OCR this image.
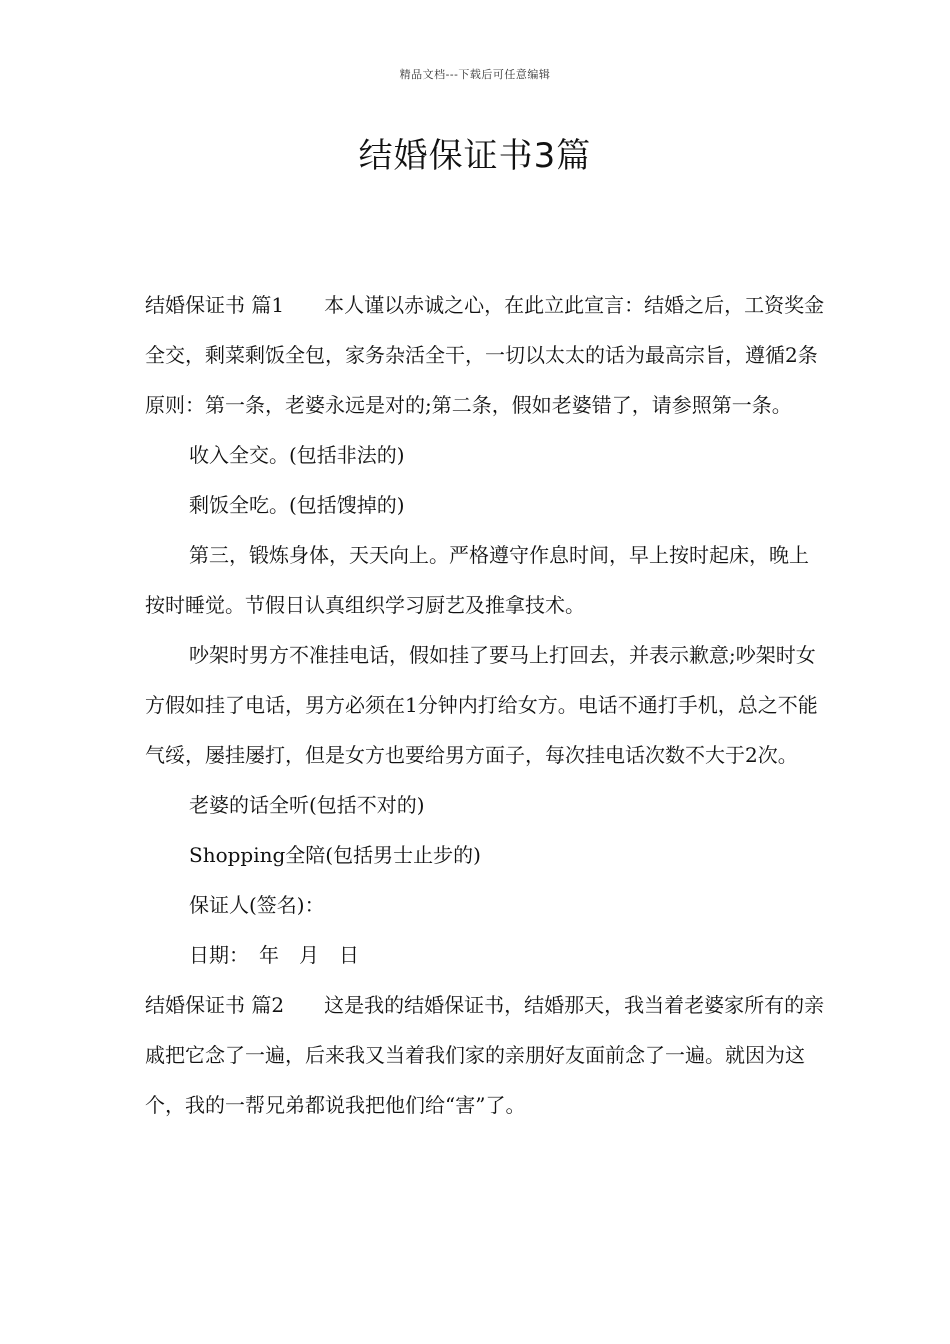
精品文档---下载后可任意编辑
结婚保证书3篇

结婚保证书 篇1　　本人谨以赤诚之心，在此立此宣言：结婚之后，工资奖金全交，剩菜剩饭全包，家务杂活全干，一切以太太的话为最高宗旨，遵循2条原则：第一条，老婆永远是对的;第二条，假如老婆错了，请参照第一条。

收入全交。(包括非法的)

剩饭全吃。(包括馊掉的)

第三，锻炼身体，天天向上。严格遵守作息时间，早上按时起床，晚上按时睡觉。节假日认真组织学习厨艺及推拿技术。

吵架时男方不准挂电话，假如挂了要马上打回去，并表示歉意;吵架时女方假如挂了电话，男方必须在1分钟内打给女方。电话不通打手机，总之不能气绥，屡挂屡打，但是女方也要给男方面子，每次挂电话次数不大于2次。

老婆的话全听(包括不对的)

Shopping全陪(包括男士止步的)

保证人(签名)：

日期：　年　月　日

结婚保证书 篇2　　这是我的结婚保证书，结婚那天，我当着老婆家所有的亲戚把它念了一遍，后来我又当着我们家的亲朋好友面前念了一遍。就因为这个，我的一帮兄弟都说我把他们给“害”了。
